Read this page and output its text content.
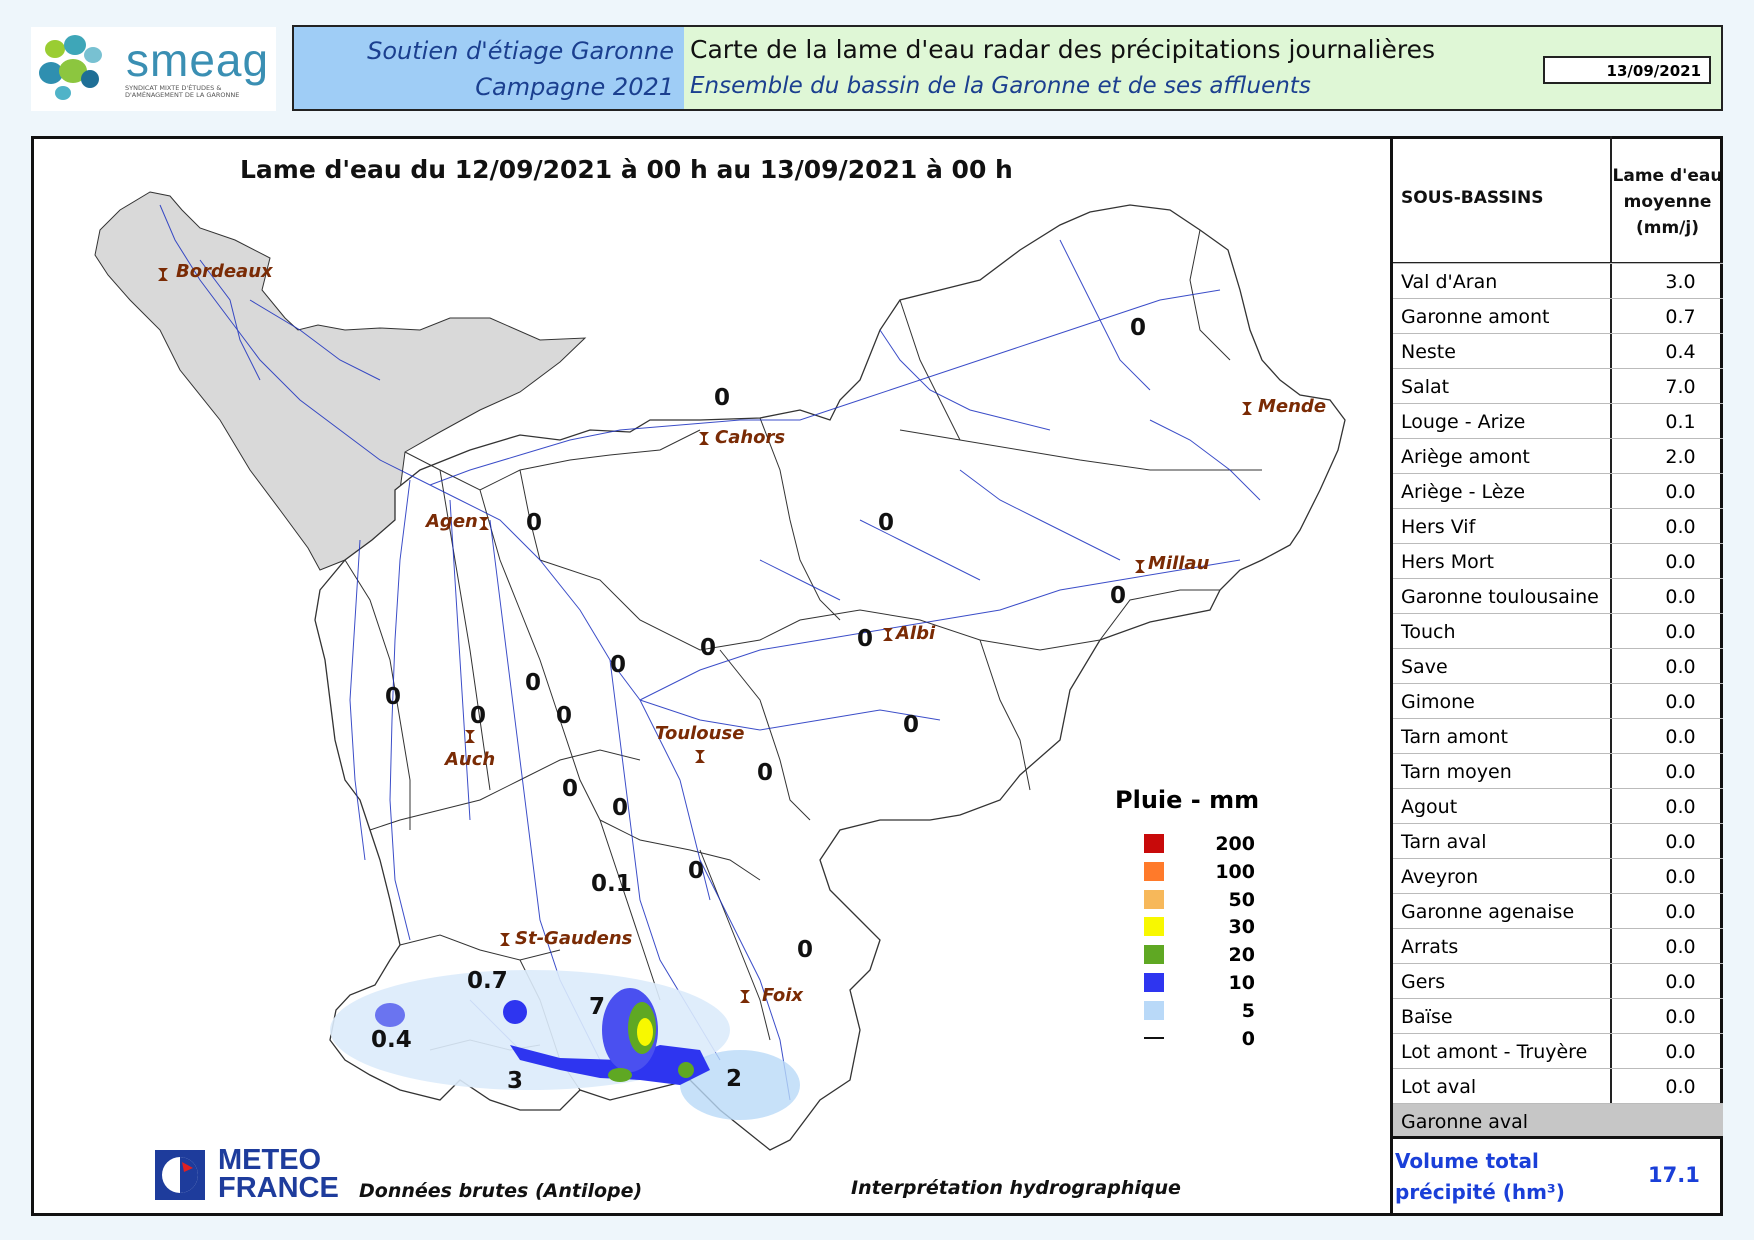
smeag
SYNDICAT MIXTE D'ÉTUDES & D'AMÉNAGEMENT DE LA GARONNE
Soutien d'étiage Garonne
Campagne 2021
Carte de la lame d'eau radar des précipitations journalières
Ensemble du bassin de la Garonne et de ses affluents
13/09/2021
Lame d'eau du 12/09/2021 à 00 h au 13/09/2021 à 00 h
0
0
0	0
0
0
0
0
0
0
0	0	0
0
0
0
0.1 0
0
0.7
0.4
7
3	2
Bordeaux
Cahors
Mende
Agen
Millau
Albi
Toulouse
Auch
St-Gaudens
Foix
Pluie - mm
200
100
50
30
20
10
5
0
METEO
FRANCE Données brutes (Antilope)	Interprétation hydrographique
SOUS-BASSINS
Lame d'eau
moyenne
(mm/j)
Val d'Aran	3.0
Garonne amont	0.7
Neste	0.4
Salat	7.0
Louge - Arize	0.1
Ariège amont	2.0
Ariège - Lèze	0.0
Hers Vif	0.0
Hers Mort	0.0
Garonne toulousaine	0.0
Touch	0.0
Save	0.0
Gimone	0.0
Tarn amont	0.0
Tarn moyen	0.0
Agout	0.0
Tarn aval	0.0
Aveyron	0.0
Garonne agenaise	0.0
Arrats	0.0
Gers	0.0
Baïse	0.0
Lot amont - Truyère	0.0
Lot aval	0.0
Garonne aval
Volume total
précipité (hm³)
17.1
